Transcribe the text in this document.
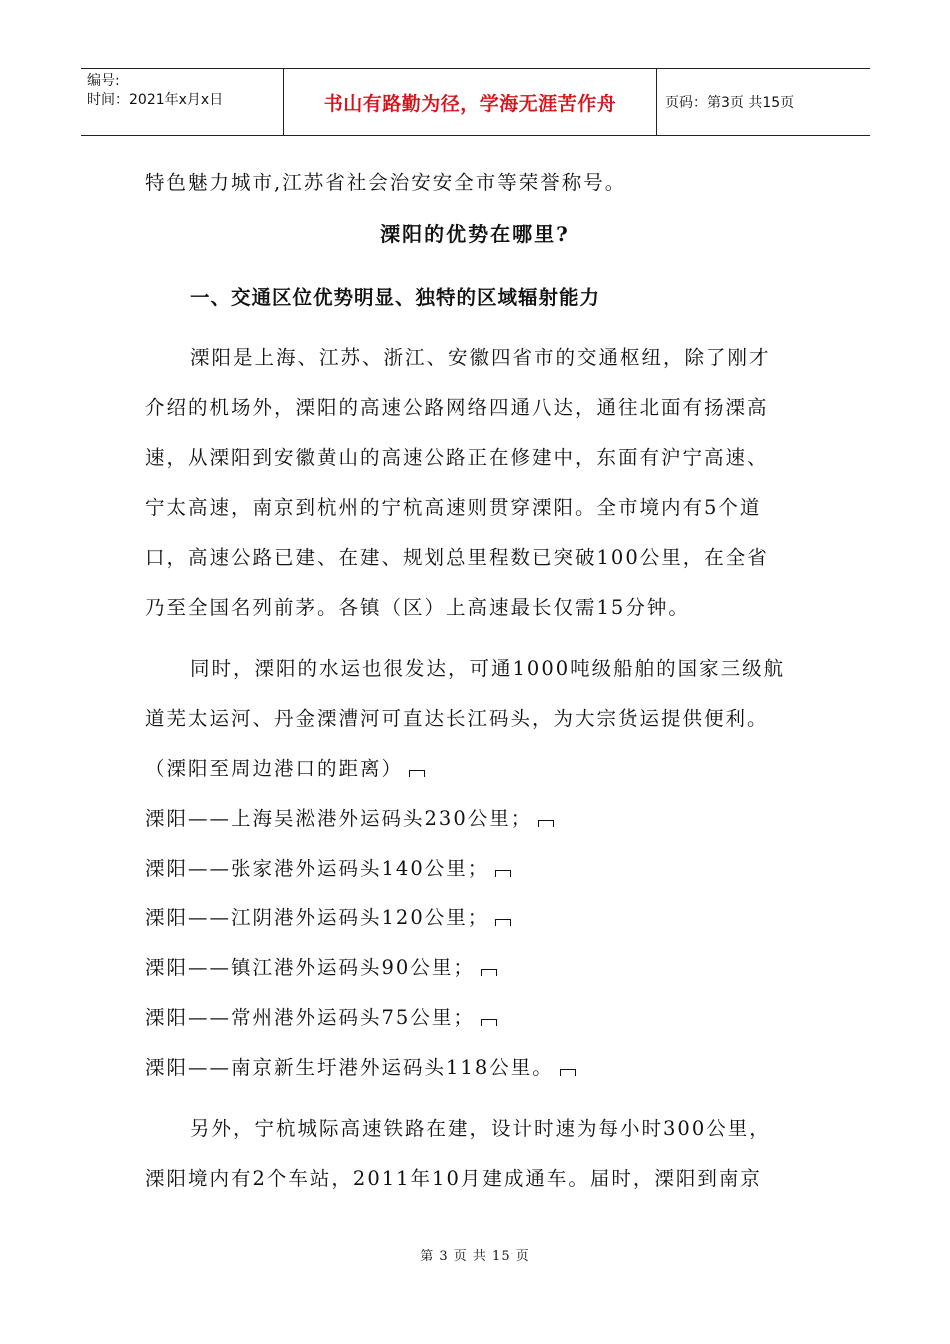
编号:
时间：2021年x月x日	书山有路勤为径，学海无涯苦作舟	页码：第3页 共15页
特色魅力城市,江苏省社会治安安全市等荣誉称号。
溧阳的优势在哪里?
一、交通区位优势明显、独特的区域辐射能力
溧阳是上海、江苏、浙江、安徽四省市的交通枢纽，除了刚才
介绍的机场外，溧阳的高速公路网络四通八达，通往北面有扬溧高
速，从溧阳到安徽黄山的高速公路正在修建中，东面有沪宁高速、
宁太高速，南京到杭州的宁杭高速则贯穿溧阳。全市境内有5个道
口，高速公路已建、在建、规划总里程数已突破100公里，在全省
乃至全国名列前茅。各镇（区）上高速最长仅需15分钟。
同时，溧阳的水运也很发达，可通1000吨级船舶的国家三级航
道芜太运河、丹金溧漕河可直达长江码头，为大宗货运提供便利。
（溧阳至周边港口的距离）
溧阳——上海吴淞港外运码头230公里；
溧阳——张家港外运码头140公里；
溧阳——江阴港外运码头120公里；
溧阳——镇江港外运码头90公里；
溧阳——常州港外运码头75公里；
溧阳——南京新生圩港外运码头118公里。
另外，宁杭城际高速铁路在建，设计时速为每小时300公里，
溧阳境内有2个车站，2011年10月建成通车。届时，溧阳到南京
第 3 页 共 15 页
